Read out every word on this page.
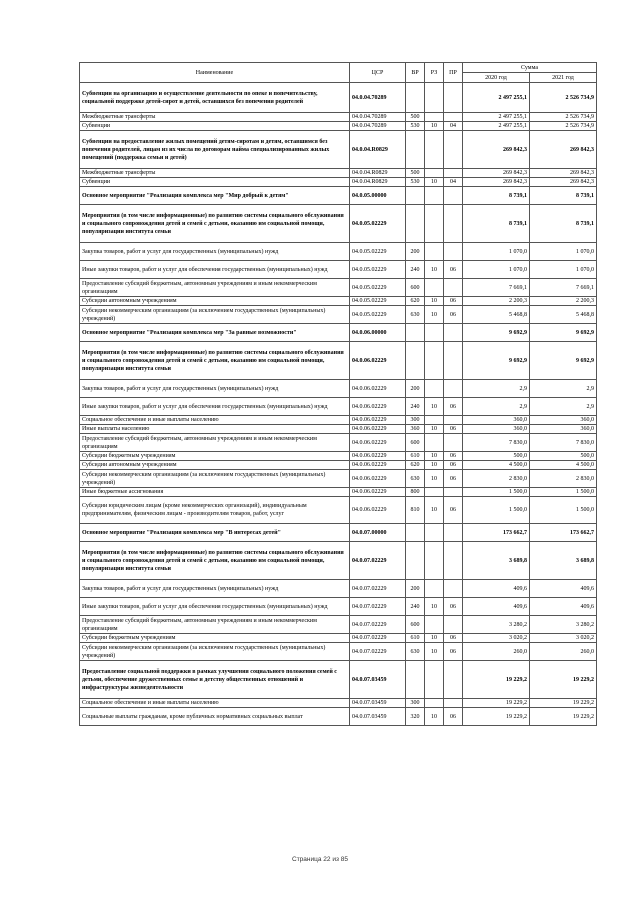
Наименование	ЦСР	ВР	РЗ	ПР	Сумма	
					2020 год	2021 год
Субвенции на организацию и осуществление деятельности по опеке и попечительству, социальной поддержке детей-сирот и детей, оставшихся без попечения родителей	04.0.04.70289				2 497 255,1	2 526 734,9
Межбюджетные трансферты	04.0.04.70289	500			2 497 255,1	2 526 734,9
Субвенции	04.0.04.70289	530	10	04	2 497 255,1	2 526 734,9
Субвенции на предоставление жилых помещений детям-сиротам и детям, оставшимся без попечения родителей, лицам из их числа по договорам найма специализированных жилых помещений (поддержка семьи и детей)	04.0.04.R0829				269 842,3	269 842,3
Межбюджетные трансферты	04.0.04.R0829	500			269 842,3	269 842,3
Субвенции	04.0.04.R0829	530	10	04	269 842,3	269 842,3
Основное мероприятие "Реализация комплекса мер "Мир добрый к детям"	04.0.05.00000				8 739,1	8 739,1
Мероприятия (в том числе информационные) по развитию системы социального обслуживания и социального сопровождения детей и семей с детьми, оказанию им социальной помощи, популяризации института семьи	04.0.05.02229				8 739,1	8 739,1
Закупка товаров, работ и услуг для государственных (муниципальных) нужд	04.0.05.02229	200			1 070,0	1 070,0
Иные закупки товаров, работ и услуг для обеспечения государственных (муниципальных) нужд	04.0.05.02229	240	10	06	1 070,0	1 070,0
Предоставление субсидий бюджетным, автономным учреждениям и иным некоммерческим организациям	04.0.05.02229	600			7 669,1	7 669,1
Субсидии автономным учреждениям	04.0.05.02229	620	10	06	2 200,3	2 200,3
Субсидии некоммерческим организациям (за исключением государственных (муниципальных) учреждений)	04.0.05.02229	630	10	06	5 468,8	5 468,8
Основное мероприятие "Реализация комплекса мер "За равные возможности"	04.0.06.00000				9 692,9	9 692,9
Мероприятия (в том числе информационные) по развитию системы социального обслуживания и социального сопровождения детей и семей с детьми, оказанию им социальной помощи, популяризации института семьи	04.0.06.02229				9 692,9	9 692,9
Закупка товаров, работ и услуг для государственных (муниципальных) нужд	04.0.06.02229	200			2,9	2,9
Иные закупки товаров, работ и услуг для обеспечения государственных (муниципальных) нужд	04.0.06.02229	240	10	06	2,9	2,9
Социальное обеспечение и иные выплаты населению	04.0.06.02229	300			360,0	360,0
Иные выплаты населению	04.0.06.02229	360	10	06	360,0	360,0
Предоставление субсидий бюджетным, автономным учреждениям и иным некоммерческим организациям	04.0.06.02229	600			7 830,0	7 830,0
Субсидии бюджетным учреждениям	04.0.06.02229	610	10	06	500,0	500,0
Субсидии автономным учреждениям	04.0.06.02229	620	10	06	4 500,0	4 500,0
Субсидии некоммерческим организациям (за исключением государственных (муниципальных) учреждений)	04.0.06.02229	630	10	06	2 830,0	2 830,0
Иные бюджетные ассигнования	04.0.06.02229	800			1 500,0	1 500,0
Субсидии юридическим лицам (кроме некоммерческих организаций), индивидуальным предпринимателям, физическим лицам - производителям товаров, работ, услуг	04.0.06.02229	810	10	06	1 500,0	1 500,0
Основное мероприятие "Реализация комплекса мер "В интересах детей"	04.0.07.00000				173 662,7	173 662,7
Мероприятия (в том числе информационные) по развитию системы социального обслуживания и социального сопровождения детей и семей с детьми, оказанию им социальной помощи, популяризации института семьи	04.0.07.02229				3 689,8	3 689,8
Закупка товаров, работ и услуг для государственных (муниципальных) нужд	04.0.07.02229	200			409,6	409,6
Иные закупки товаров, работ и услуг для обеспечения государственных (муниципальных) нужд	04.0.07.02229	240	10	06	409,6	409,6
Предоставление субсидий бюджетным, автономным учреждениям и иным некоммерческим организациям	04.0.07.02229	600			3 280,2	3 280,2
Субсидии бюджетным учреждениям	04.0.07.02229	610	10	06	3 020,2	3 020,2
Субсидии некоммерческим организациям (за исключением государственных (муниципальных) учреждений)	04.0.07.02229	630	10	06	260,0	260,0
Предоставление социальной поддержки в рамках улучшения социального положения семей с детьми, обеспечение дружественных семье и детству общественных отношений и инфраструктуры жизнедеятельности	04.0.07.03459				19 229,2	19 229,2
Социальное обеспечение и иные выплаты населению	04.0.07.03459	300			19 229,2	19 229,2
Социальные выплаты гражданам, кроме публичных нормативных социальных выплат	04.0.07.03459	320	10	06	19 229,2	19 229,2
Страница 22 из 85
